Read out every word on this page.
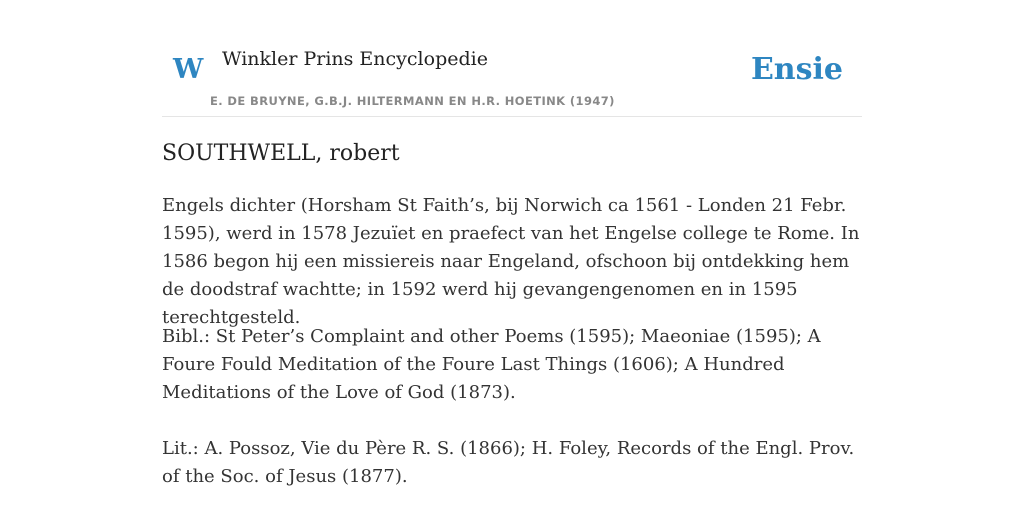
W Winkler Prins Encyclopedie
E. DE BRUYNE, G.B.J. HILTERMANN EN H.R. HOETINK (1947)
Ensie
SOUTHWELL, robert

Engels dichter (Horsham St Faith’s, bij Norwich ca 1561 - Londen 21 Febr. 1595), werd in 1578 Jezuïet en praefect van het Engelse college te Rome. In 1586 begon hij een missiereis naar Engeland, ofschoon bij ontdekking hem de doodstraf wachtte; in 1592 werd hij gevangengenomen en in 1595 terechtgesteld.

Bibl.: St Peter’s Complaint and other Poems (1595); Maeoniae (1595); A Foure Fould Meditation of the Foure Last Things (1606); A Hundred Meditations of the Love of God (1873).

Lit.: A. Possoz, Vie du Père R. S. (1866); H. Foley, Records of the Engl. Prov. of the Soc. of Jesus (1877).
